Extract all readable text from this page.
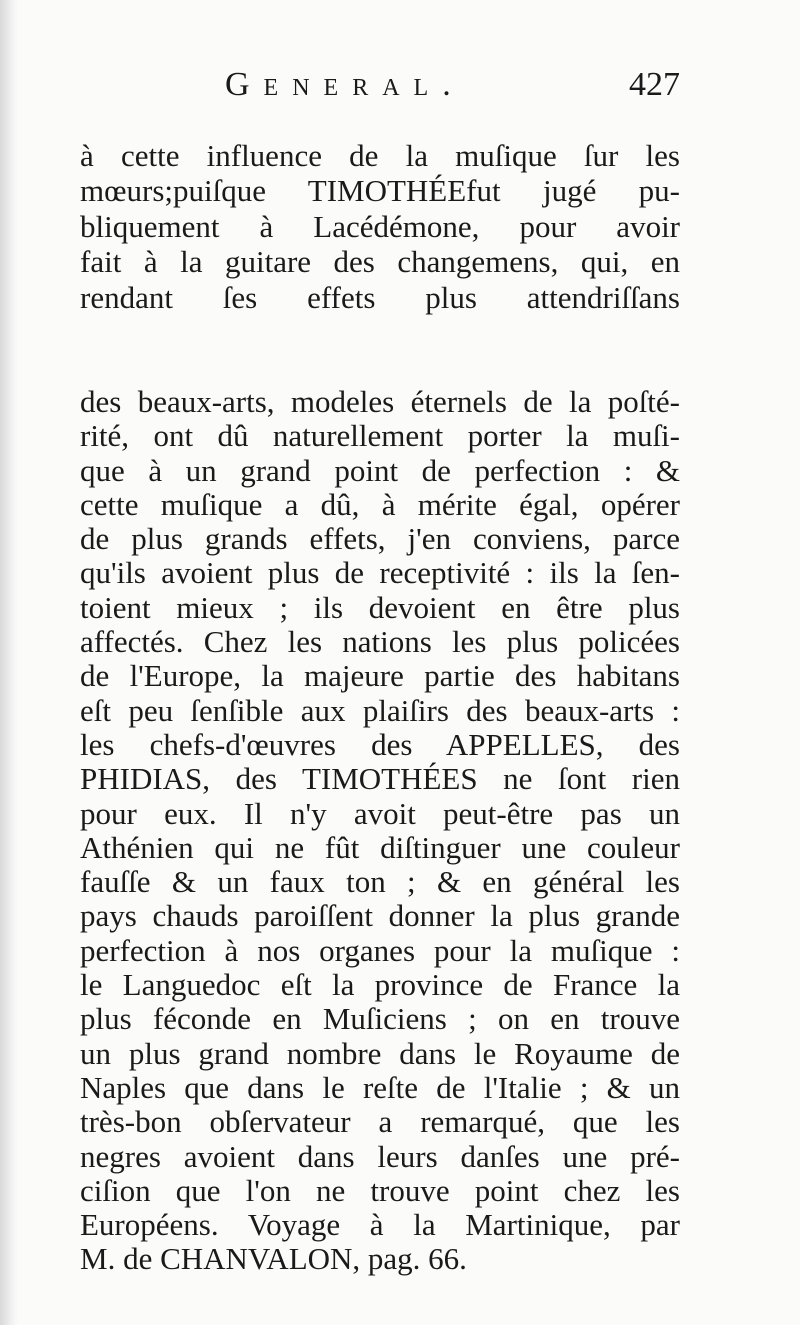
General.	427
à cette influence de la muſique ſur les
mœurs;puiſque TIMOTHÉEfut jugé pu-
bliquement à Lacédémone, pour avoir
fait à la guitare des changemens, qui, en
rendant ſes effets plus attendriſſans
des beaux-arts, modeles éternels de la poſté-
rité, ont dû naturellement porter la muſi-
que à un grand point de perfection : &
cette muſique a dû, à mérite égal, opérer
de plus grands effets, j'en conviens, parce
qu'ils avoient plus de receptivité : ils la ſen-
toient mieux ; ils devoient en être plus
affectés. Chez les nations les plus policées
de l'Europe, la majeure partie des habitans
eſt peu ſenſible aux plaiſirs des beaux-arts :
les chefs-d'œuvres des APPELLES, des
PHIDIAS, des TIMOTHÉES ne ſont rien
pour eux. Il n'y avoit peut-être pas un
Athénien qui ne fût diſtinguer une couleur
fauſſe & un faux ton ; & en général les
pays chauds paroiſſent donner la plus grande
perfection à nos organes pour la muſique :
le Languedoc eſt la province de France la
plus féconde en Muſiciens ; on en trouve
un plus grand nombre dans le Royaume de
Naples que dans le reſte de l'Italie ; & un
très-bon obſervateur a remarqué, que les
negres avoient dans leurs danſes une pré-
ciſion que l'on ne trouve point chez les
Européens. Voyage à la Martinique, par
M. de CHANVALON, pag. 66.
